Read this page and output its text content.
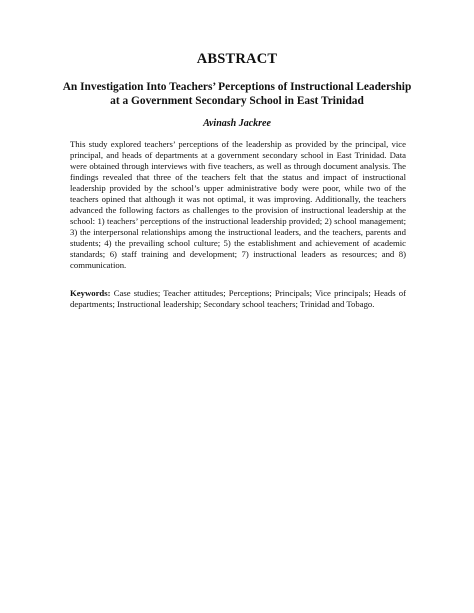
ABSTRACT
An Investigation Into Teachers’ Perceptions of Instructional Leadership at a Government Secondary School in East Trinidad
Avinash Jackree

This study explored teachers’ perceptions of the leadership as provided by the principal, vice principal, and heads of departments at a government secondary school in East Trinidad. Data were obtained through interviews with five teachers, as well as through document analysis. The findings revealed that three of the teachers felt that the status and impact of instructional leadership provided by the school’s upper administrative body were poor, while two of the teachers opined that although it was not optimal, it was improving. Additionally, the teachers advanced the following factors as challenges to the provision of instructional leadership at the school: 1) teachers’ perceptions of the instructional leadership provided; 2) school management; 3) the interpersonal relationships among the instructional leaders, and the teachers, parents and students; 4) the prevailing school culture; 5) the establishment and achievement of academic standards; 6) staff training and development; 7) instructional leaders as resources; and 8) communication.

Keywords: Case studies; Teacher attitudes; Perceptions; Principals; Vice principals; Heads of departments; Instructional leadership; Secondary school teachers; Trinidad and Tobago.
